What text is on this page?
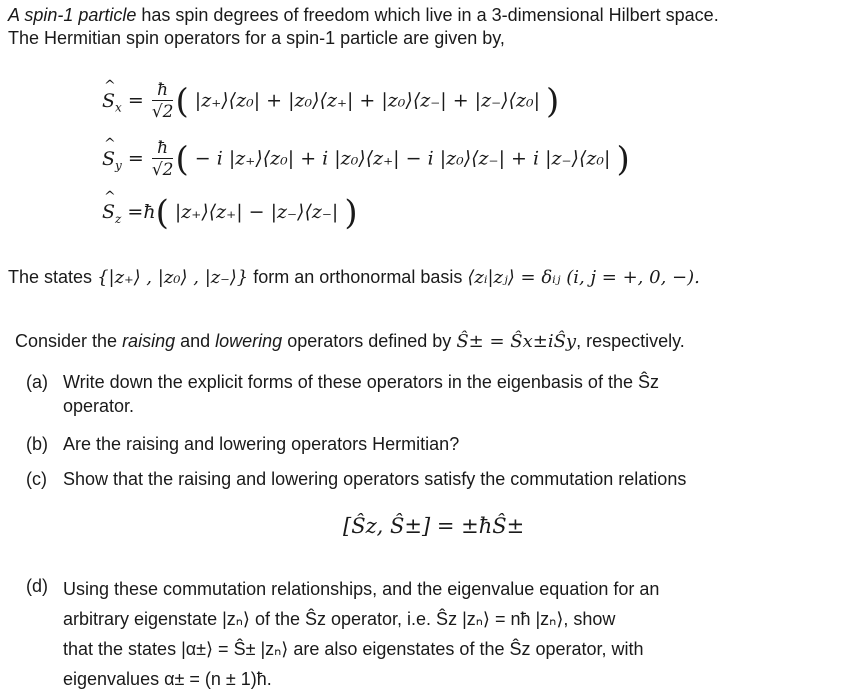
A spin-1 particle has spin degrees of freedom which live in a 3-dimensional Hilbert space.
The Hermitian spin operators for a spin-1 particle are given by,
^ $S_x = \frac{ħ}{√2}$ ( |z₊⟩⟨z₀| + |z₀⟩⟨z₊| + |z₀⟩⟨z₋| + |z₋⟩⟨z₀| )
^ $S_y = \frac{ħ}{√2}$ ( − i |z₊⟩⟨z₀| + i |z₀⟩⟨z₊| − i |z₀⟩⟨z₋| + i |z₋⟩⟨z₀| )
^ $S_z$ =ħ( |z₊⟩⟨z₊| − |z₋⟩⟨z₋| )
The states {|z₊⟩ , |z₀⟩ , |z₋⟩} form an orthonormal basis ⟨zᵢ|zⱼ⟩ = δᵢⱼ (i, j = +, 0, −).
Consider the raising and lowering operators defined by Ŝ± = Ŝx±iŜy, respectively.
(a) Write down the explicit forms of these operators in the eigenbasis of the Ŝz
operator.
(b) Are the raising and lowering operators Hermitian?
(c) Show that the raising and lowering operators satisfy the commutation relations
[Ŝz, Ŝ±] = ±ħŜ±
(d) Using these commutation relationships, and the eigenvalue equation for an
arbitrary eigenstate |zₙ⟩ of the Ŝz operator, i.e. Ŝz |zₙ⟩ = nħ |zₙ⟩, show
that the states |α±⟩ = Ŝ± |zₙ⟩ are also eigenstates of the Ŝz operator, with
eigenvalues α± = (n ± 1)ħ.
